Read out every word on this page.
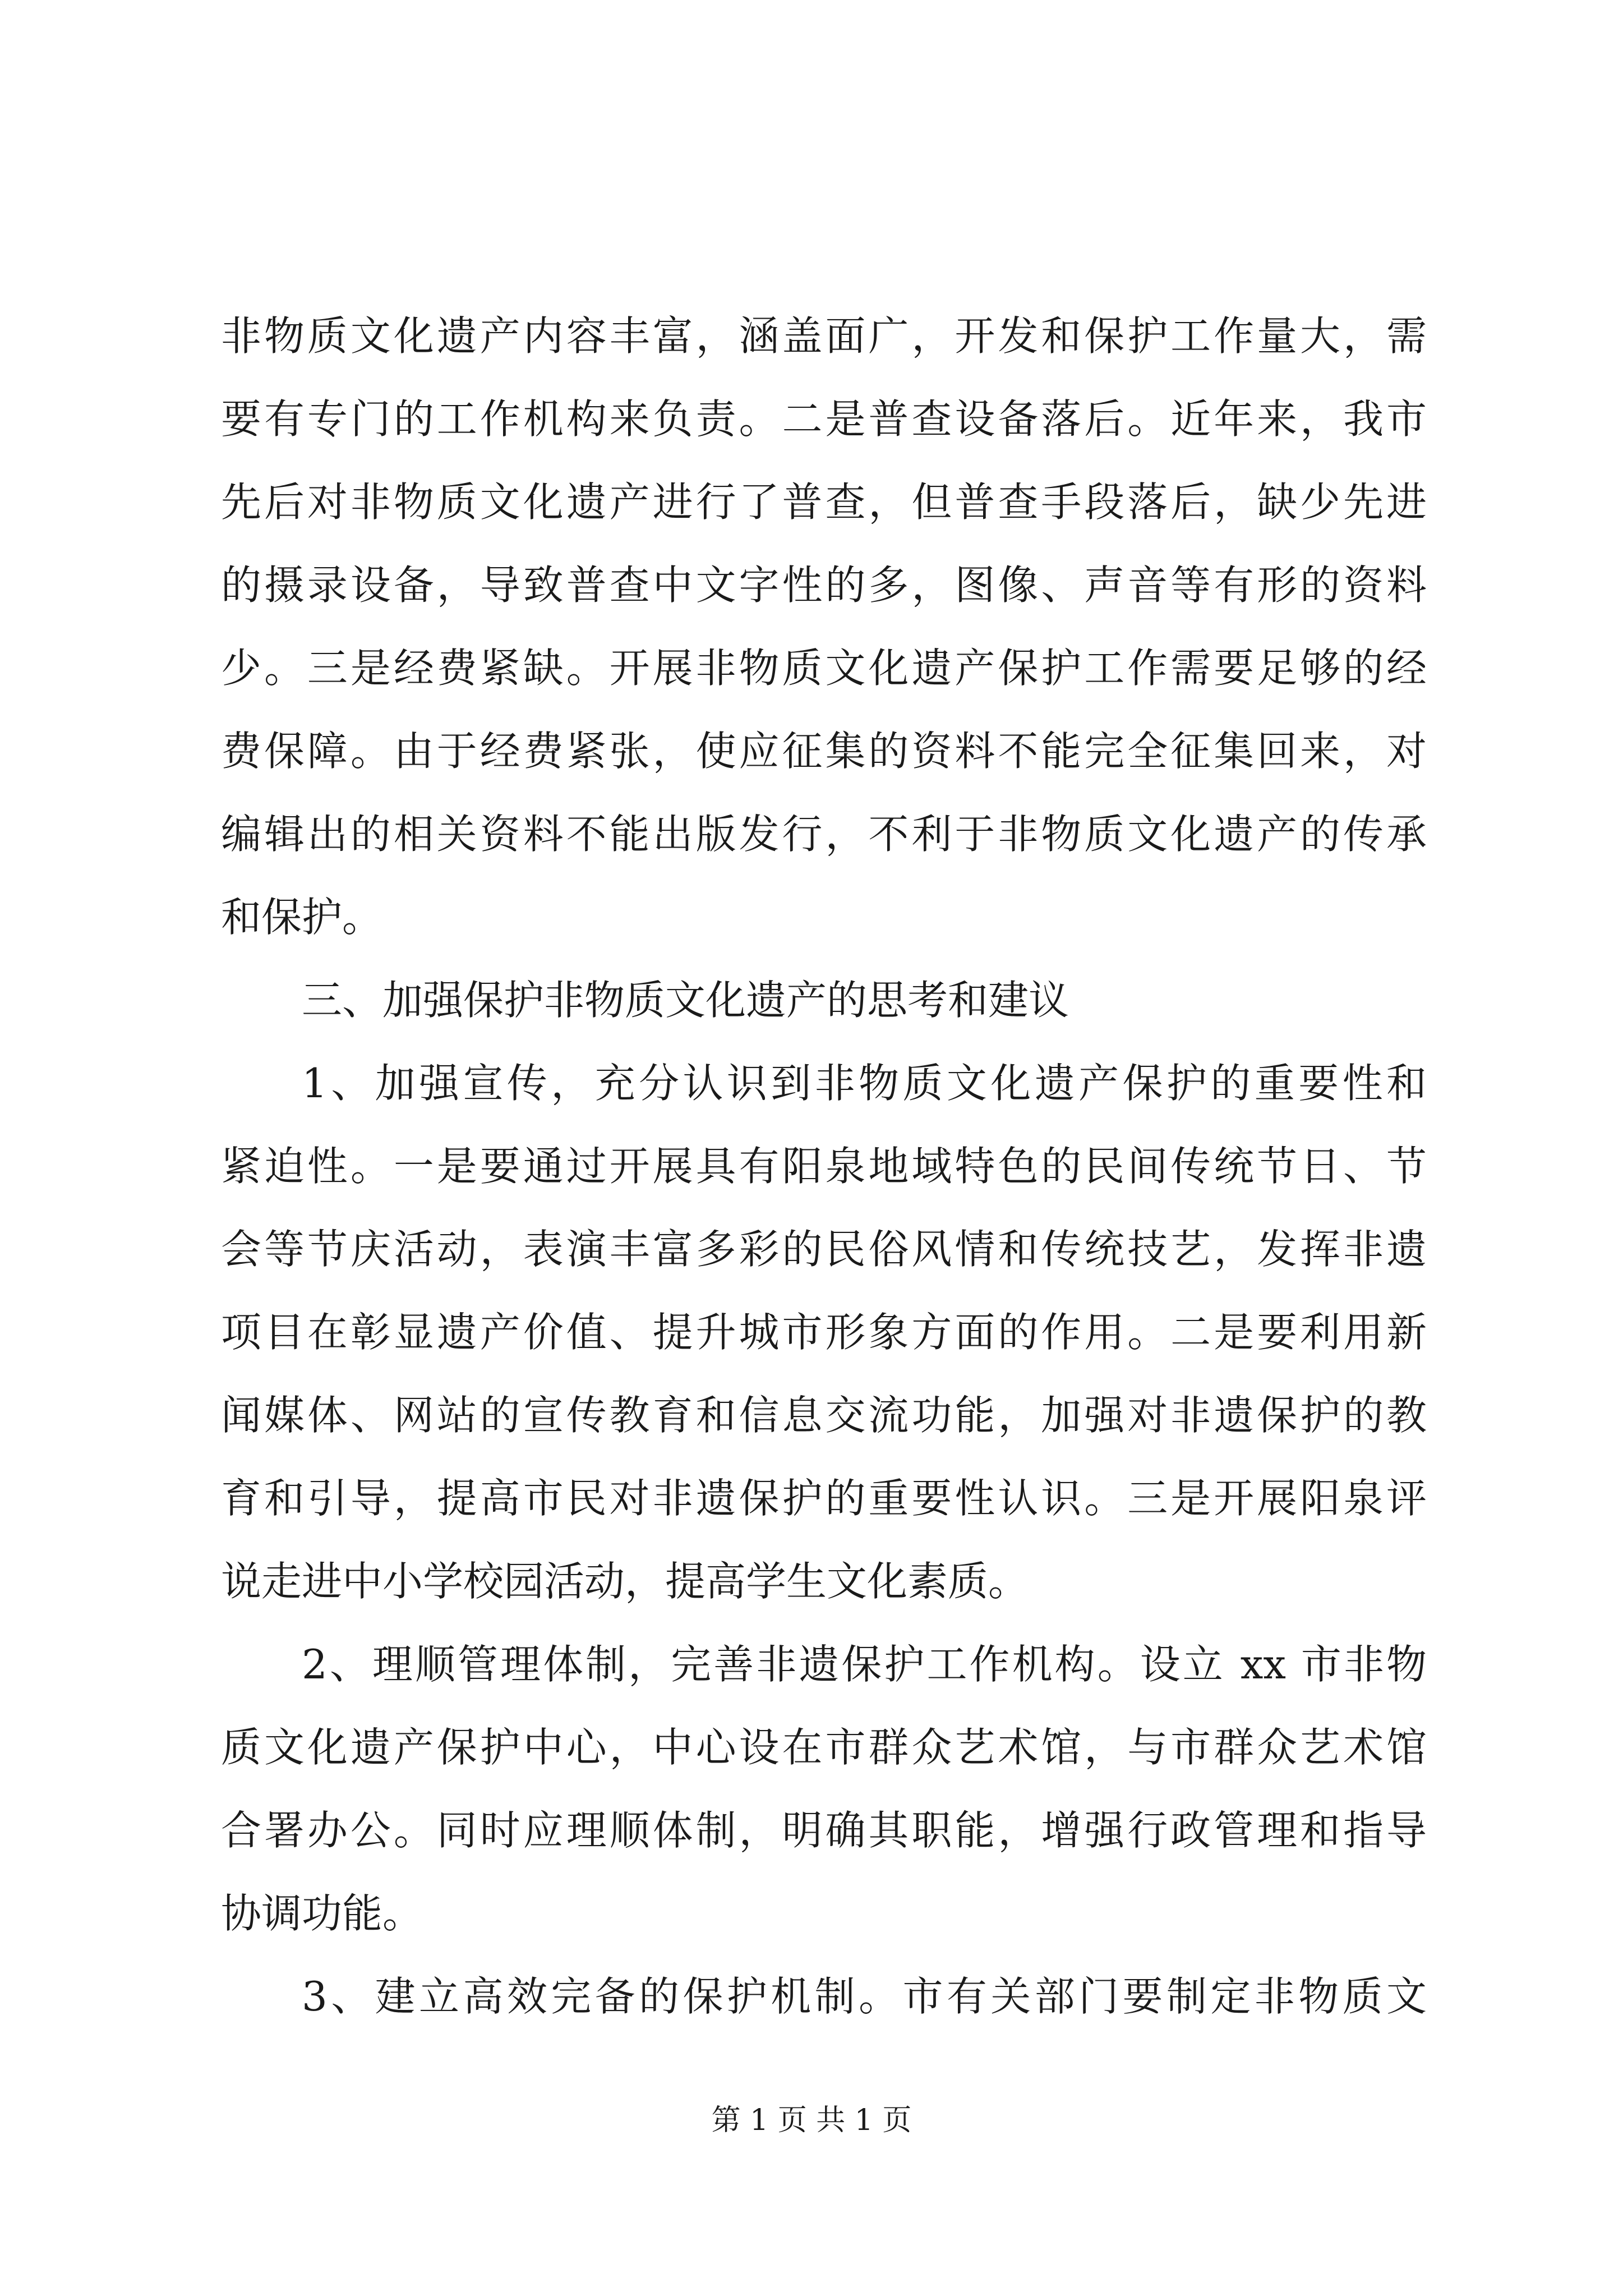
非物质文化遗产内容丰富，涵盖面广，开发和保护工作量大，需
要有专门的工作机构来负责。二是普查设备落后。近年来，我市
先后对非物质文化遗产进行了普查，但普查手段落后，缺少先进
的摄录设备，导致普查中文字性的多，图像、声音等有形的资料
少。三是经费紧缺。开展非物质文化遗产保护工作需要足够的经
费保障。由于经费紧张，使应征集的资料不能完全征集回来，对
编辑出的相关资料不能出版发行，不利于非物质文化遗产的传承
和保护。
三、加强保护非物质文化遗产的思考和建议
1、加强宣传，充分认识到非物质文化遗产保护的重要性和
紧迫性。一是要通过开展具有阳泉地域特色的民间传统节日、节
会等节庆活动，表演丰富多彩的民俗风情和传统技艺，发挥非遗
项目在彰显遗产价值、提升城市形象方面的作用。二是要利用新
闻媒体、网站的宣传教育和信息交流功能，加强对非遗保护的教
育和引导，提高市民对非遗保护的重要性认识。三是开展阳泉评
说走进中小学校园活动，提高学生文化素质。
2、理顺管理体制，完善非遗保护工作机构。设立 xx 市非物
质文化遗产保护中心，中心设在市群众艺术馆，与市群众艺术馆
合署办公。同时应理顺体制，明确其职能，增强行政管理和指导
协调功能。
3、建立高效完备的保护机制。市有关部门要制定非物质文
第 1 页 共 1 页
